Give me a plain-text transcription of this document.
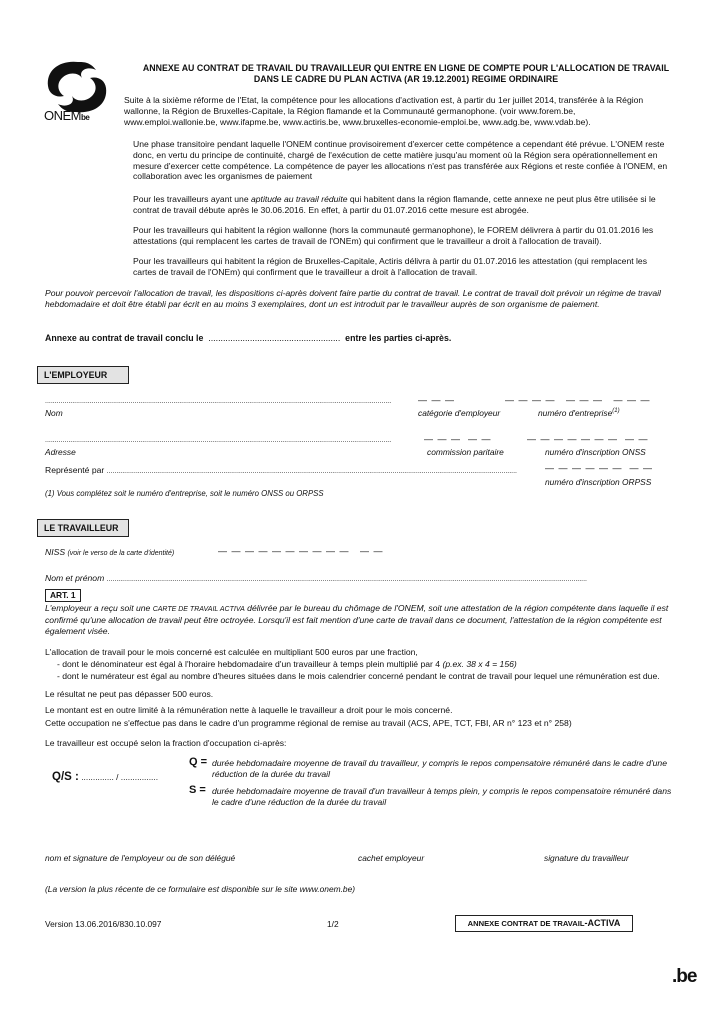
ONEMbe
ANNEXE AU CONTRAT DE TRAVAIL DU TRAVAILLEUR QUI ENTRE EN LIGNE DE COMPTE POUR L'ALLOCATION DE TRAVAIL
DANS LE CADRE DU PLAN ACTIVA (AR 19.12.2001) REGIME ORDINAIRE
Suite à la sixième réforme de l'Etat, la compétence pour les allocations d'activation est, à partir du 1er juillet 2014, transférée à la Région wallonne, la Région de Bruxelles-Capitale, la Région flamande et la Communauté germanophone. (voir www.forem.be, www.emploi.wallonie.be, www.ifapme.be, www.actiris.be, www.bruxelles-economie-emploi.be, www.adg.be, www.vdab.be).
Une phase transitoire pendant laquelle l'ONEM continue provisoirement d'exercer cette compétence a cependant été prévue. L'ONEM reste donc, en vertu du principe de continuité, chargé de l'exécution de cette matière jusqu'au moment où la Région sera opérationnellement en mesure d'exercer cette compétence. La compétence de payer les allocations n'est pas transférée aux Régions et reste confiée à l'ONEM, en collaboration avec les organismes de paiement
Pour les travailleurs ayant une aptitude au travail réduite qui habitent dans la région flamande, cette annexe ne peut plus être utilisée si le contrat de travail débute après le 30.06.2016. En effet, à partir du 01.07.2016 cette mesure est abrogée.
Pour les travailleurs qui habitent la région wallonne (hors la communauté germanophone), le FOREM délivrera à partir du 01.01.2016 les attestations (qui remplacent les cartes de travail de l'ONEm) qui confirment que le travailleur a droit à l'allocation de travail).
Pour les travailleurs qui habitent la région de Bruxelles-Capitale, Actiris délivra à partir du 01.07.2016 les attestation (qui remplacent les cartes de travail de l'ONEm) qui confirment que le travailleur a droit à l'allocation de travail.
Pour pouvoir percevoir l'allocation de travail, les dispositions ci-après doivent faire partie du contrat de travail. Le contrat de travail doit prévoir un régime de travail hebdomadaire et doit être établi par écrit en au moins 3 exemplaires, dont un est introduit par le travailleur auprès de son organisme de paiement.
Annexe au contrat de travail conclu le ...................................................... entre les parties ci-après.
L'EMPLOYEUR
..................................................................................................................................................................................
Nom
— — —	— — — —   — — —   — — —
catégorie d'employeur	numéro d'entreprise$^{(1)}$
..................................................................................................................................................................................
Adresse
— — —  — —	— — — — — — —  — —
commission paritaire	numéro d'inscription ONSS
Représenté par ...................................................................................................................................................................................................................	— — — — — —  — —
numéro d'inscription ORPSS
(1) Vous complétez soit le numéro d'entreprise, soit le numéro ONSS ou ORPSS
LE TRAVAILLEUR
NISS (voir le verso de la carte d'identité)	— — — — — — — — — —   — —
Nom et prénom .......................................................................................................................................................................................................................................................
ART. 1
L'employeur a reçu soit une CARTE DE TRAVAIL ACTIVA délivrée par le bureau du chômage de l'ONEM, soit une attestation de la région compétente dans laquelle il est confirmé qu'une allocation de travail peut être octroyée. Lorsqu'il est fait mention d'une carte de travail dans ce document, l'attestation de la région compétente est également visée.
L'allocation de travail pour le mois concerné est calculée en multipliant 500 euros par une fraction,
- dont le dénominateur est égal à l'horaire hebdomadaire d'un travailleur à temps plein multiplié par 4 (p.ex. 38 x 4 = 156)
- dont le numérateur est égal au nombre d'heures situées dans le mois calendrier concerné pendant le contrat de travail pour lequel une rémunération est due.
Le résultat ne peut pas dépasser 500 euros.
Le montant est en outre limité à la rémunération nette à laquelle le travailleur a droit pour le mois concerné.
Cette occupation ne s'effectue pas dans le cadre d'un programme régional de remise au travail (ACS, APE, TCT, FBI, AR n° 123 et n° 258)
Le travailleur est occupé selon la fraction d'occupation ci-après:
Q/S : .............. / ................
Q = durée hebdomadaire moyenne de travail du travailleur, y compris le repos compensatoire rémunéré dans le cadre d'une réduction de la durée du travail
S = durée hebdomadaire moyenne de travail d'un travailleur à temps plein, y compris le repos compensatoire rémunéré dans le cadre d'une réduction de la durée du travail
nom et signature de l'employeur ou de son délégué	cachet employeur	signature du travailleur
(La version la plus récente de ce formulaire est disponible sur le site www.onem.be)
Version 13.06.2016/830.10.097	1/2	ANNEXE CONTRAT DE TRAVAIL-ACTIVA
.be
